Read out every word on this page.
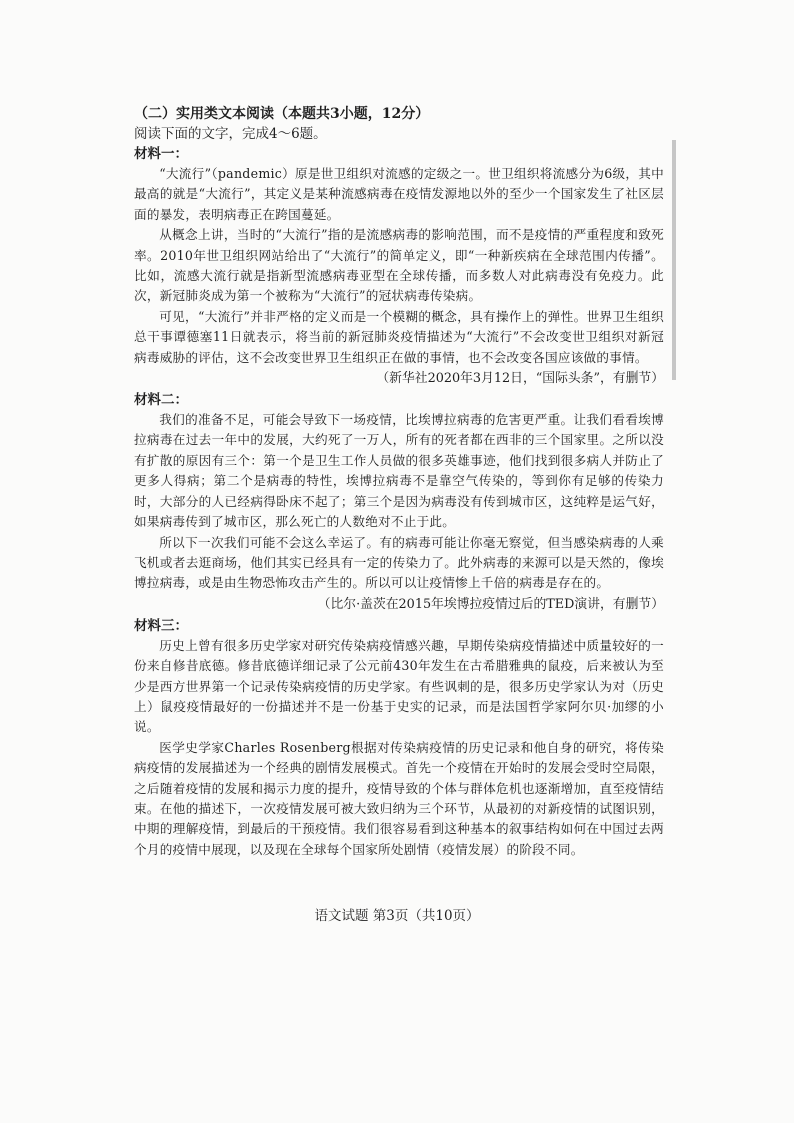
（二）实用类文本阅读（本题共3小题，12分）

阅读下面的文字，完成4～6题。

材料一：

“大流行”（pandemic）原是世卫组织对流感的定级之一。世卫组织将流感分为6级，其中最高的就是“大流行”，其定义是某种流感病毒在疫情发源地以外的至少一个国家发生了社区层面的暴发，表明病毒正在跨国蔓延。

从概念上讲，当时的“大流行”指的是流感病毒的影响范围，而不是疫情的严重程度和致死率。2010年世卫组织网站给出了“大流行”的简单定义，即“一种新疾病在全球范围内传播”。比如，流感大流行就是指新型流感病毒亚型在全球传播，而多数人对此病毒没有免疫力。此次，新冠肺炎成为第一个被称为“大流行”的冠状病毒传染病。

可见，“大流行”并非严格的定义而是一个模糊的概念，具有操作上的弹性。世界卫生组织总干事谭德塞11日就表示，将当前的新冠肺炎疫情描述为“大流行”不会改变世卫组织对新冠病毒威胁的评估，这不会改变世界卫生组织正在做的事情，也不会改变各国应该做的事情。

（新华社2020年3月12日，“国际头条”，有删节）

材料二：

我们的准备不足，可能会导致下一场疫情，比埃博拉病毒的危害更严重。让我们看看埃博拉病毒在过去一年中的发展，大约死了一万人，所有的死者都在西非的三个国家里。之所以没有扩散的原因有三个：第一个是卫生工作人员做的很多英雄事迹，他们找到很多病人并防止了更多人得病；第二个是病毒的特性，埃博拉病毒不是靠空气传染的，等到你有足够的传染力时，大部分的人已经病得卧床不起了；第三个是因为病毒没有传到城市区，这纯粹是运气好，如果病毒传到了城市区，那么死亡的人数绝对不止于此。

所以下一次我们可能不会这么幸运了。有的病毒可能让你毫无察觉，但当感染病毒的人乘飞机或者去逛商场，他们其实已经具有一定的传染力了。此外病毒的来源可以是天然的，像埃博拉病毒，或是由生物恐怖攻击产生的。所以可以让疫情惨上千倍的病毒是存在的。

（比尔·盖茨在2015年埃博拉疫情过后的TED演讲，有删节）

材料三：

历史上曾有很多历史学家对研究传染病疫情感兴趣，早期传染病疫情描述中质量较好的一份来自修昔底德。修昔底德详细记录了公元前430年发生在古希腊雅典的鼠疫，后来被认为至少是西方世界第一个记录传染病疫情的历史学家。有些讽刺的是，很多历史学家认为对（历史上）鼠疫疫情最好的一份描述并不是一份基于史实的记录，而是法国哲学家阿尔贝·加缪的小说。

医学史学家Charles Rosenberg根据对传染病疫情的历史记录和他自身的研究，将传染病疫情的发展描述为一个经典的剧情发展模式。首先一个疫情在开始时的发展会受时空局限，之后随着疫情的发展和揭示力度的提升，疫情导致的个体与群体危机也逐渐增加，直至疫情结束。在他的描述下，一次疫情发展可被大致归纳为三个环节，从最初的对新疫情的试图识别，中期的理解疫情，到最后的干预疫情。我们很容易看到这种基本的叙事结构如何在中国过去两个月的疫情中展现，以及现在全球每个国家所处剧情（疫情发展）的阶段不同。

语文试题 第3页（共10页）
